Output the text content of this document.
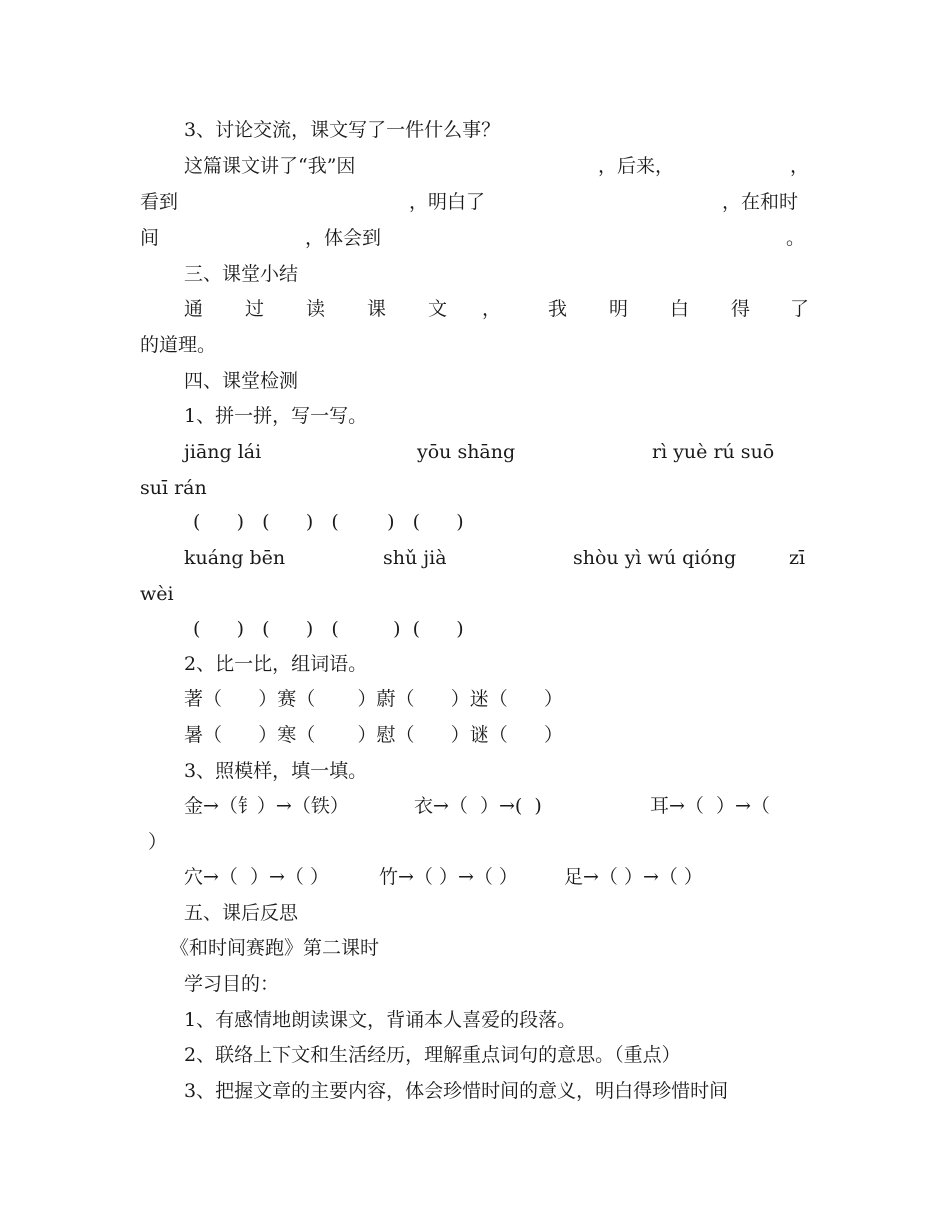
3、讨论交流，课文写了一件什么事？
这篇课文讲了“我”因	，后来，	，
看到	，明白了	，在和时
间	，体会到	。
三、课堂小结
通 过 读 课 文 ， 我 明 白 得 了
的道理。
四、课堂检测
1、拼一拼，写一写。
jiāng lái	yōu shāng	rì yuè rú suō
suī rán
(      )   (      )   (        )   (      )
kuáng bēn	shǔ jià	shòu yì wú qióng	zī
wèi
(      )   (      )   (         )  (      )
2、比一比，组词语。
著（      ）赛（       ）蔚（      ）迷（      ）
暑（      ）寒（       ）慰（      ）谜（      ）
3、照模样，填一填。
金→（钅）→（铁）	衣→（  ）→(  )	耳→（  ）→（
）
穴→（  ）→（ ）	竹→（ ）→（ ） 足→（ ）→（ ）
五、课后反思
《和时间赛跑》第二课时
学习目的：
1、有感情地朗读课文，背诵本人喜爱的段落。
2、联络上下文和生活经历，理解重点词句的意思。（重点）
3、把握文章的主要内容，体会珍惜时间的意义，明白得珍惜时间
